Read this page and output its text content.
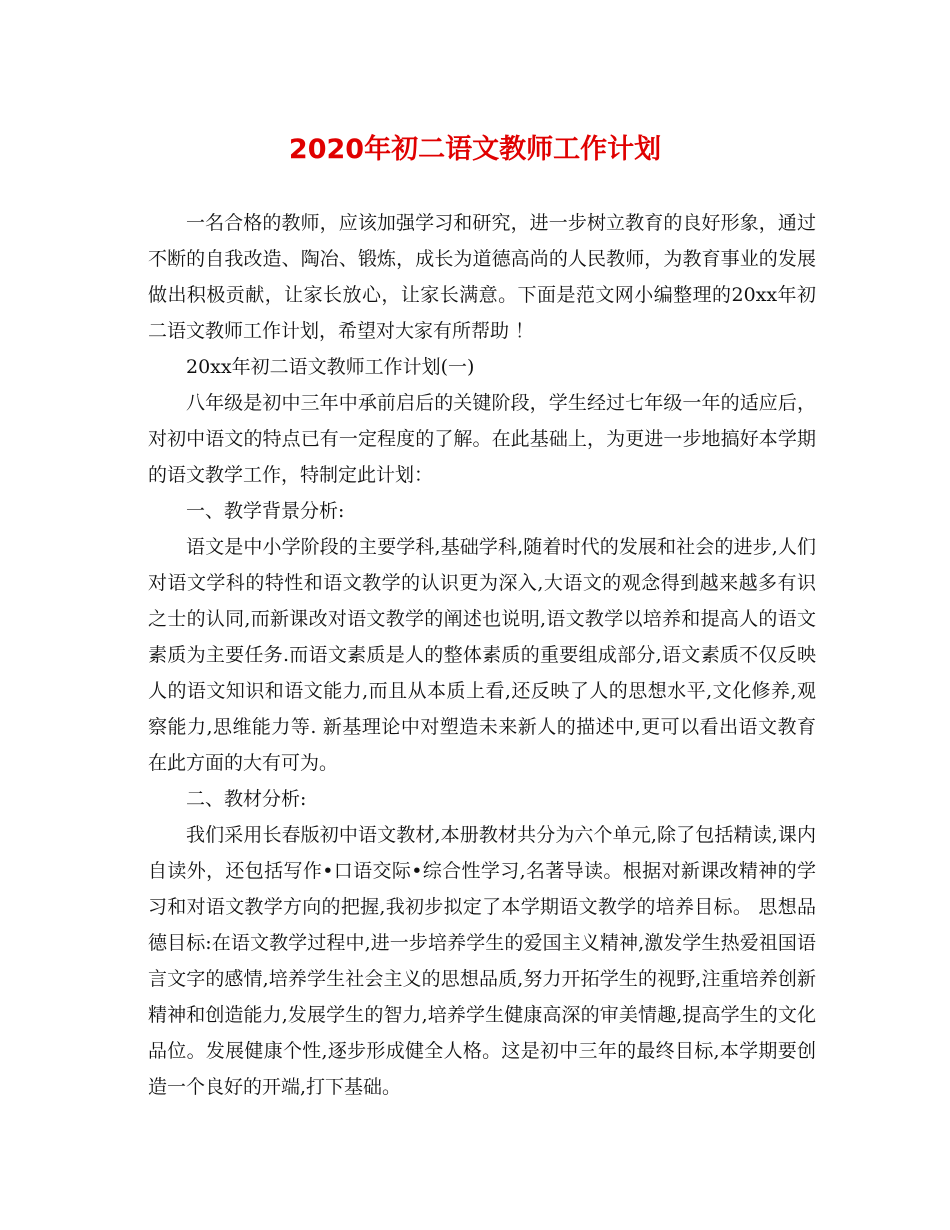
2020年初二语文教师工作计划

一名合格的教师，应该加强学习和研究，进一步树立教育的良好形象，通过不断的自我改造、陶冶、锻炼，成长为道德高尚的人民教师，为教育事业的发展做出积极贡献，让家长放心，让家长满意。下面是范文网小编整理的20xx年初二语文教师工作计划，希望对大家有所帮助 ！

20xx年初二语文教师工作计划(一)

八年级是初中三年中承前启后的关键阶段，学生经过七年级一年的适应后，对初中语文的特点已有一定程度的了解。在此基础上，为更进一步地搞好本学期的语文教学工作，特制定此计划：

一、教学背景分析:

语文是中小学阶段的主要学科,基础学科,随着时代的发展和社会的进步,人们对语文学科的特性和语文教学的认识更为深入,大语文的观念得到越来越多有识之士的认同,而新课改对语文教学的阐述也说明,语文教学以培养和提高人的语文素质为主要任务.而语文素质是人的整体素质的重要组成部分,语文素质不仅反映人的语文知识和语文能力,而且从本质上看,还反映了人的思想水平,文化修养,观察能力,思维能力等. 新基理论中对塑造未来新人的描述中,更可以看出语文教育在此方面的大有可为。

二、教材分析:

我们采用长春版初中语文教材,本册教材共分为六个单元,除了包括精读,课内自读外，还包括写作•口语交际•综合性学习,名著导读。根据对新课改精神的学习和对语文教学方向的把握,我初步拟定了本学期语文教学的培养目标。 思想品德目标:在语文教学过程中,进一步培养学生的爱国主义精神,激发学生热爱祖国语言文字的感情,培养学生社会主义的思想品质,努力开拓学生的视野,注重培养创新精神和创造能力,发展学生的智力,培养学生健康高深的审美情趣,提高学生的文化品位。发展健康个性,逐步形成健全人格。这是初中三年的最终目标,本学期要创造一个良好的开端,打下基础。
